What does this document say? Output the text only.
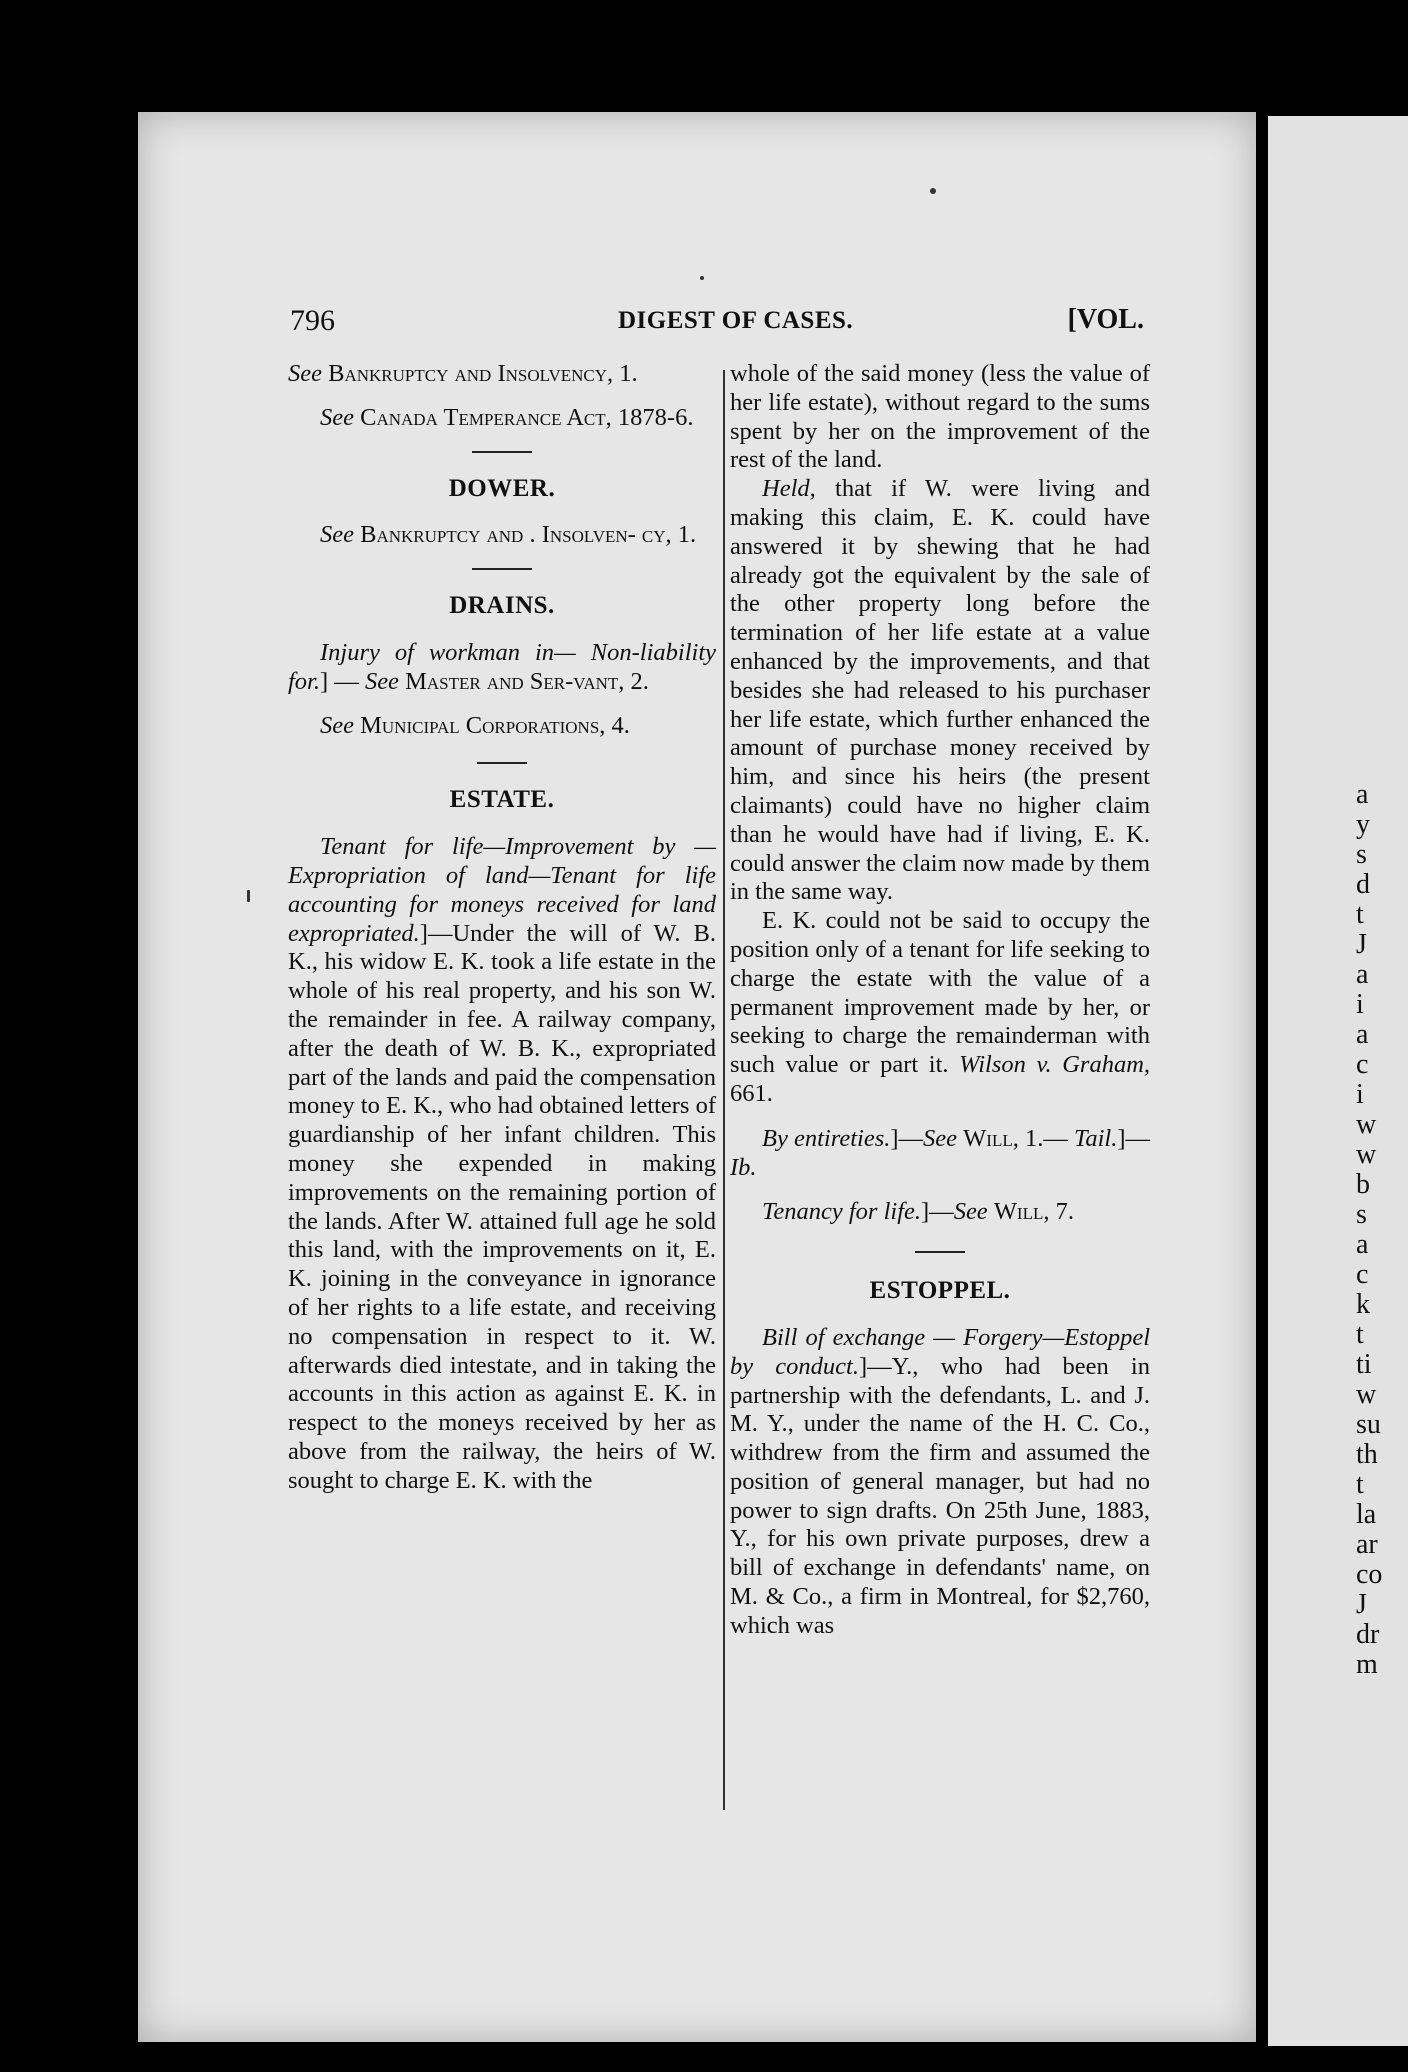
a
y
s
d
t
J
a
i
a
c
i
w
w
b
s
a
c
k
t
ti
w
su
th
t
la
ar
co
J
dr
m
796	DIGEST OF CASES.	[VOL.

See Bankruptcy and Insolvency, 1.

See Canada Temperance Act, 1878-6.

DOWER.

See Bankruptcy and . Insolven- cy, 1.

DRAINS.

Injury of workman in— Non-liability for.] — See Master and Ser-vant, 2.

See Municipal Corporations, 4.

ESTATE.

Tenant for life—Improvement by —Expropriation of land—Tenant for life accounting for moneys received for land expropriated.]—Under the will of W. B. K., his widow E. K. took a life estate in the whole of his real property, and his son W. the remainder in fee. A railway company, after the death of W. B. K., expropriated part of the lands and paid the compensation money to E. K., who had obtained letters of guardianship of her infant children. This money she expended in making improvements on the remaining portion of the lands. After W. attained full age he sold this land, with the improvements on it, E. K. joining in the conveyance in ignorance of her rights to a life estate, and receiving no compensation in respect to it. W. afterwards died intestate, and in taking the accounts in this action as against E. K. in respect to the moneys received by her as above from the railway, the heirs of W. sought to charge E. K. with the

whole of the said money (less the value of her life estate), without regard to the sums spent by her on the improvement of the rest of the land.

Held, that if W. were living and making this claim, E. K. could have answered it by shewing that he had already got the equivalent by the sale of the other property long before the termination of her life estate at a value enhanced by the improvements, and that besides she had released to his purchaser her life estate, which further enhanced the amount of purchase money received by him, and since his heirs (the present claimants) could have no higher claim than he would have had if living, E. K. could answer the claim now made by them in the same way.

E. K. could not be said to occupy the position only of a tenant for life seeking to charge the estate with the value of a permanent improvement made by her, or seeking to charge the remainderman with such value or part it. Wilson v. Graham, 661.

By entireties.]—See Will, 1.— Tail.]—Ib.

Tenancy for life.]—See Will, 7.

ESTOPPEL.

Bill of exchange — Forgery—Estoppel by conduct.]—Y., who had been in partnership with the defendants, L. and J. M. Y., under the name of the H. C. Co., withdrew from the firm and assumed the position of general manager, but had no power to sign drafts. On 25th June, 1883, Y., for his own private purposes, drew a bill of exchange in defendants' name, on M. & Co., a firm in Montreal, for $2,760, which was
